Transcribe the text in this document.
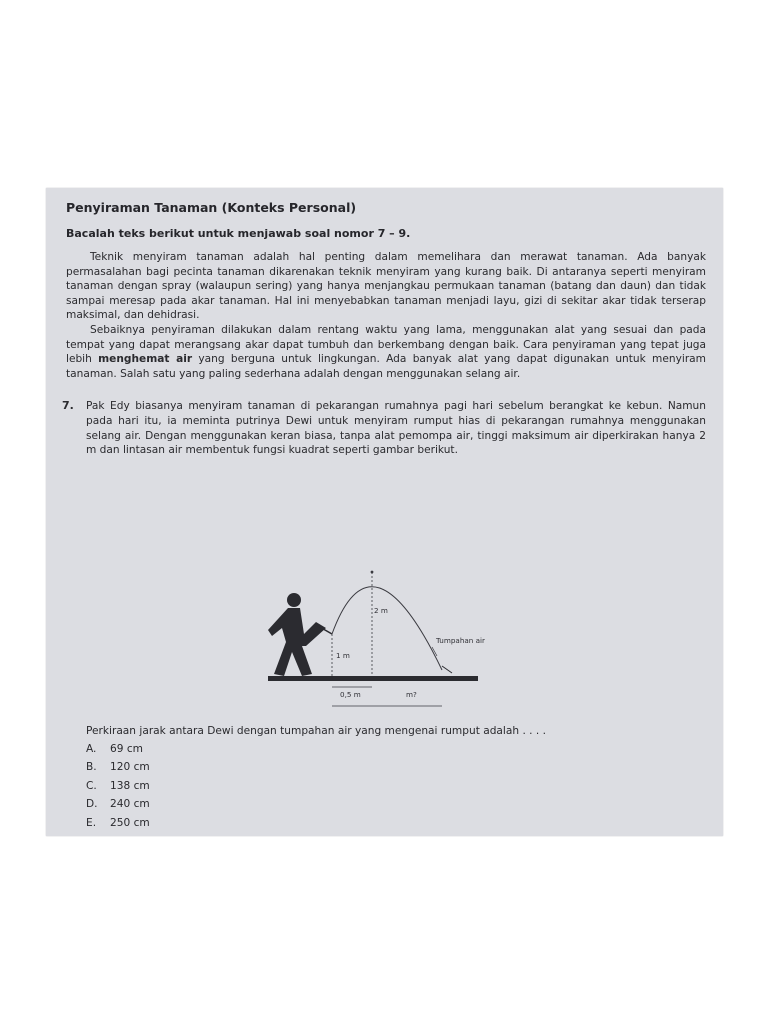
Penyiraman Tanaman (Konteks Personal)

Bacalah teks berikut untuk menjawab soal nomor 7 – 9.

Teknik menyiram tanaman adalah hal penting dalam memelihara dan merawat tanaman. Ada banyak permasalahan bagi pecinta tanaman dikarenakan teknik menyiram yang kurang baik. Di antaranya seperti menyiram tanaman dengan spray (walaupun sering) yang hanya menjangkau permukaan tanaman (batang dan daun) dan tidak sampai meresap pada akar tanaman. Hal ini menyebabkan tanaman menjadi layu, gizi di sekitar akar tidak terserap maksimal, dan dehidrasi.

Sebaiknya penyiraman dilakukan dalam rentang waktu yang lama, menggunakan alat yang sesuai dan pada tempat yang dapat merangsang akar dapat tumbuh dan berkembang dengan baik. Cara penyiraman yang tepat juga lebih menghemat air yang berguna untuk lingkungan. Ada banyak alat yang dapat digunakan untuk menyiram tanaman. Salah satu yang paling sederhana adalah dengan menggunakan selang air.

7. Pak Edy biasanya menyiram tanaman di pekarangan rumahnya pagi hari sebelum berangkat ke kebun. Namun pada hari itu, ia meminta putrinya Dewi untuk menyiram rumput hias di pekarangan rumahnya menggunakan selang air. Dengan menggunakan keran biasa, tanpa alat pemompa air, tinggi maksimum air diperkirakan hanya 2 m dan lintasan air membentuk fungsi kuadrat seperti gambar berikut.

2 m
1 m
Tumpahan air
0,5 m	m?

Perkiraan jarak antara Dewi dengan tumpahan air yang mengenai rumput adalah . . . .

A. 69 cm
B. 120 cm
C. 138 cm
D. 240 cm
E. 250 cm
